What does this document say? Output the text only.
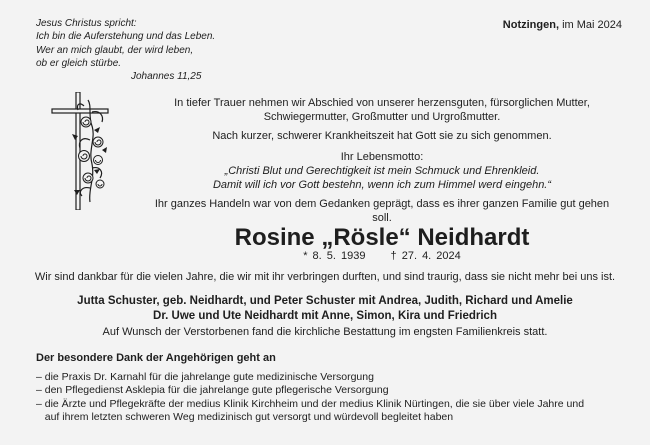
Jesus Christus spricht:
Ich bin die Auferstehung und das Leben.
Wer an mich glaubt, der wird leben,
ob er gleich stürbe.
Johannes 11,25
Notzingen, im Mai 2024
In tiefer Trauer nehmen wir Abschied von unserer herzensguten, fürsorglichen Mutter,
Schwiegermutter, Großmutter und Urgroßmutter.
Nach kurzer, schwerer Krankheitszeit hat Gott sie zu sich genommen.
Ihr Lebensmotto:
„Christi Blut und Gerechtigkeit ist mein Schmuck und Ehrenkleid.
Damit will ich vor Gott bestehn, wenn ich zum Himmel werd eingehn.“
Ihr ganzes Handeln war von dem Gedanken geprägt, dass es ihrer ganzen Familie gut gehen soll.
Rosine „Rösle“ Neidhardt
* 8. 5. 1939 † 27. 4. 2024
Wir sind dankbar für die vielen Jahre, die wir mit ihr verbringen durften, und sind traurig, dass sie nicht mehr bei uns ist.
Jutta Schuster, geb. Neidhardt, und Peter Schuster mit Andrea, Judith, Richard und Amelie
Dr. Uwe und Ute Neidhardt mit Anne, Simon, Kira und Friedrich
Auf Wunsch der Verstorbenen fand die kirchliche Bestattung im engsten Familienkreis statt.
Der besondere Dank der Angehörigen geht an
– die Praxis Dr. Karnahl für die jahrelange gute medizinische Versorgung
– den Pflegedienst Asklepia für die jahrelange gute pflegerische Versorgung
– die Ärzte und Pflegekräfte der medius Klinik Kirchheim und der medius Klinik Nürtingen, die sie über viele Jahre und
auf ihrem letzten schweren Weg medizinisch gut versorgt und würdevoll begleitet haben
